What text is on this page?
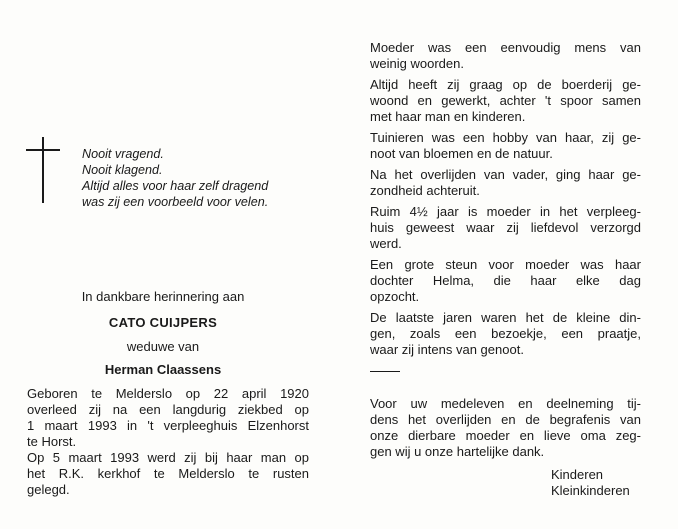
Nooit vragend.
Nooit klagend.
Altijd alles voor haar zelf dragend
was zij een voorbeeld voor velen.
In dankbare herinnering aan
CATO CUIJPERS
weduwe van
Herman Claassens
Geboren te Melderslo op 22 april 1920
overleed zij na een langdurig ziekbed op
1 maart 1993 in 't verpleeghuis Elzenhorst
te Horst.
Op 5 maart 1993 werd zij bij haar man op
het R.K. kerkhof te Melderslo te rusten
gelegd.
Moeder was een eenvoudig mens van
weinig woorden.
Altijd heeft zij graag op de boerderij ge-
woond en gewerkt, achter 't spoor samen
met haar man en kinderen.
Tuinieren was een hobby van haar, zij ge-
noot van bloemen en de natuur.
Na het overlijden van vader, ging haar ge-
zondheid achteruit.
Ruim 4½ jaar is moeder in het verpleeg-
huis geweest waar zij liefdevol verzorgd
werd.
Een grote steun voor moeder was haar
dochter Helma, die haar elke dag
opzocht.
De laatste jaren waren het de kleine din-
gen, zoals een bezoekje, een praatje,
waar zij intens van genoot.
Voor uw medeleven en deelneming tij-
dens het overlijden en de begrafenis van
onze dierbare moeder en lieve oma zeg-
gen wij u onze hartelijke dank.
Kinderen
Kleinkinderen
